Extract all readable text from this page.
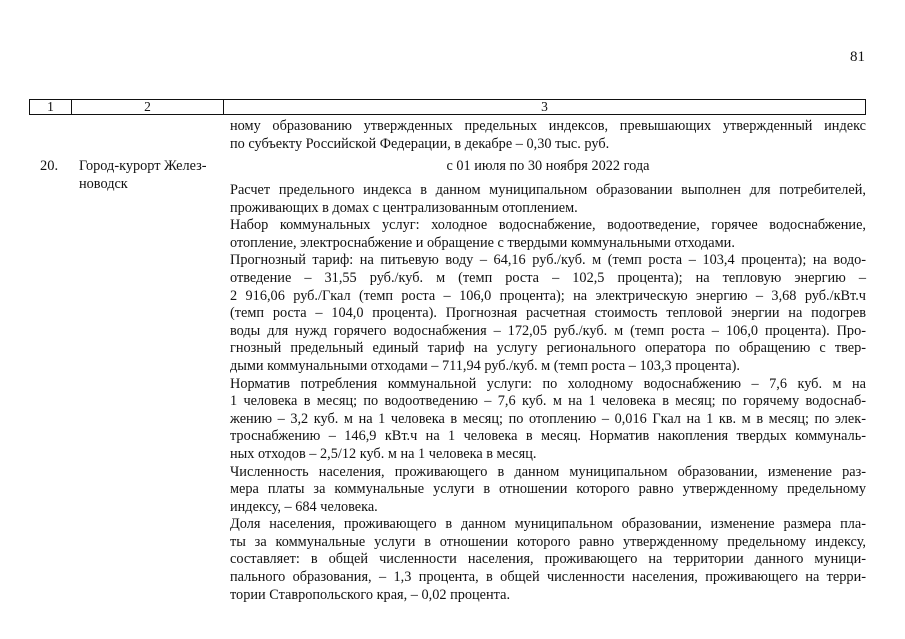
81
1	2	3
ному образованию утвержденных предельных индексов, превышающих утвержденный индекс
по субъекту Российской Федерации, в декабре – 0,30 тыс. руб.
20. Город-курорт Желез-
новодск
с 01 июля по 30 ноября 2022 года

Расчет предельного индекса в данном муниципальном образовании выполнен для потребителей,
проживающих в домах с централизованным отоплением.

Набор коммунальных услуг: холодное водоснабжение, водоотведение, горячее водоснабжение,
отопление, электроснабжение и обращение с твердыми коммунальными отходами.

Прогнозный тариф: на питьевую воду – 64,16 руб./куб. м (темп роста – 103,4 процента); на водо-
отведение – 31,55 руб./куб. м (темп роста – 102,5 процента); на тепловую энергию –
2 916,06 руб./Гкал (темп роста – 106,0 процента); на электрическую энергию – 3,68 руб./кВт.ч
(темп роста – 104,0 процента). Прогнозная расчетная стоимость тепловой энергии на подогрев
воды для нужд горячего водоснабжения – 172,05 руб./куб. м (темп роста – 106,0 процента). Про-
гнозный предельный единый тариф на услугу регионального оператора по обращению с твер-
дыми коммунальными отходами – 711,94 руб./куб. м (темп роста – 103,3 процента).

Норматив потребления коммунальной услуги: по холодному водоснабжению – 7,6 куб. м на
1 человека в месяц; по водоотведению – 7,6 куб. м на 1 человека в месяц; по горячему водоснаб-
жению – 3,2 куб. м на 1 человека в месяц; по отоплению – 0,016 Гкал на 1 кв. м в месяц; по элек-
троснабжению – 146,9 кВт.ч на 1 человека в месяц. Норматив накопления твердых коммуналь-
ных отходов – 2,5/12 куб. м на 1 человека в месяц.

Численность населения, проживающего в данном муниципальном образовании, изменение раз-
мера платы за коммунальные услуги в отношении которого равно утвержденному предельному
индексу, – 684 человека.

Доля населения, проживающего в данном муниципальном образовании, изменение размера пла-
ты за коммунальные услуги в отношении которого равно утвержденному предельному индексу,
составляет: в общей численности населения, проживающего на территории данного муници-
пального образования, – 1,3 процента, в общей численности населения, проживающего на терри-
тории Ставропольского края, – 0,02 процента.
